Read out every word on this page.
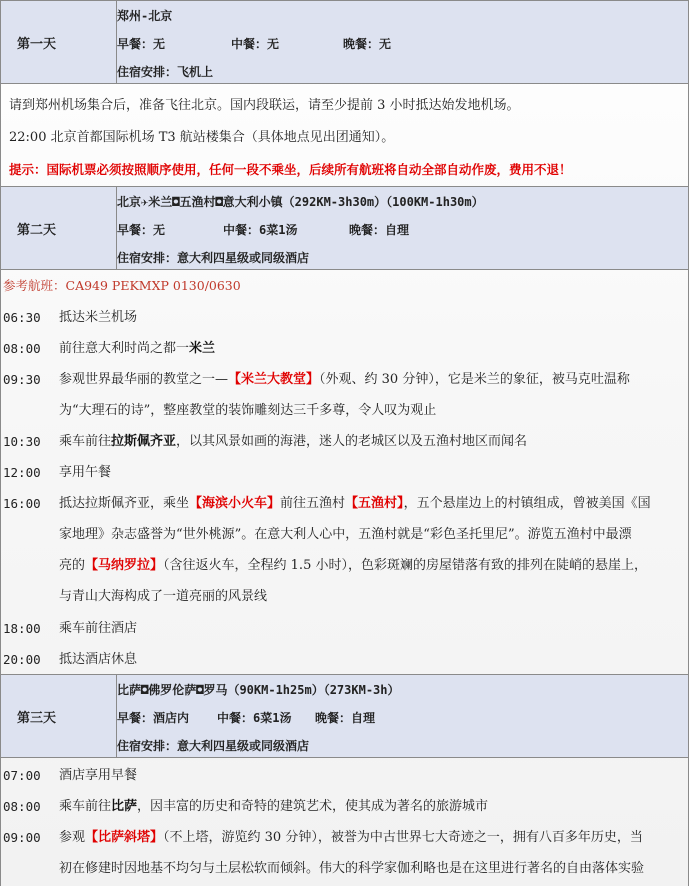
第一天
郑州-北京
早餐：无	中餐：无	晚餐：无
住宿安排：飞机上
请到郑州机场集合后，准备飞往北京。国内段联运，请至少提前 3 小时抵达始发地机场。
22:00 北京首都国际机场 T3 航站楼集合（具体地点见出团通知）。
提示：国际机票必须按照顺序使用，任何一段不乘坐，后续所有航班将自动全部自动作废，费用不退！
第二天
北京✈米兰◘五渔村◘意大利小镇（292KM-3h30m）（100KM-1h30m）
早餐：无	中餐：6菜1汤	晚餐：自理
住宿安排：意大利四星级或同级酒店
参考航班：CA949 PEKMXP 0130/0630
06:30	抵达米兰机场
08:00	前往意大利时尚之都一米兰
09:30	参观世界最华丽的教堂之一—【米兰大教堂】（外观、约 30 分钟），它是米兰的象征，被马克吐温称
为“大理石的诗”，整座教堂的装饰雕刻达三千多尊，令人叹为观止
10:30	乘车前往拉斯佩齐亚，以其风景如画的海港，迷人的老城区以及五渔村地区而闻名
12:00	享用午餐
16:00	抵达拉斯佩齐亚，乘坐【海滨小火车】前往五渔村【五渔村】，五个悬崖边上的村镇组成，曾被美国《国
家地理》杂志盛誉为“世外桃源”。在意大利人心中，五渔村就是“彩色圣托里尼”。游览五渔村中最漂
亮的【马纳罗拉】（含往返火车，全程约 1.5 小时），色彩斑斓的房屋错落有致的排列在陡峭的悬崖上，
与青山大海构成了一道亮丽的风景线
18:00	乘车前往酒店
20:00	抵达酒店休息
第三天
比萨◘佛罗伦萨◘罗马（90KM-1h25m）（273KM-3h）
早餐：酒店内	中餐：6菜1汤	晚餐：自理
住宿安排：意大利四星级或同级酒店
07:00	酒店享用早餐
08:00	乘车前往比萨，因丰富的历史和奇特的建筑艺术，使其成为著名的旅游城市
09:00	参观【比萨斜塔】（不上塔，游览约 30 分钟），被誉为中古世界七大奇迹之一，拥有八百多年历史，当
初在修建时因地基不均匀与土层松软而倾斜。伟大的科学家伽利略也是在这里进行著名的自由落体实验
